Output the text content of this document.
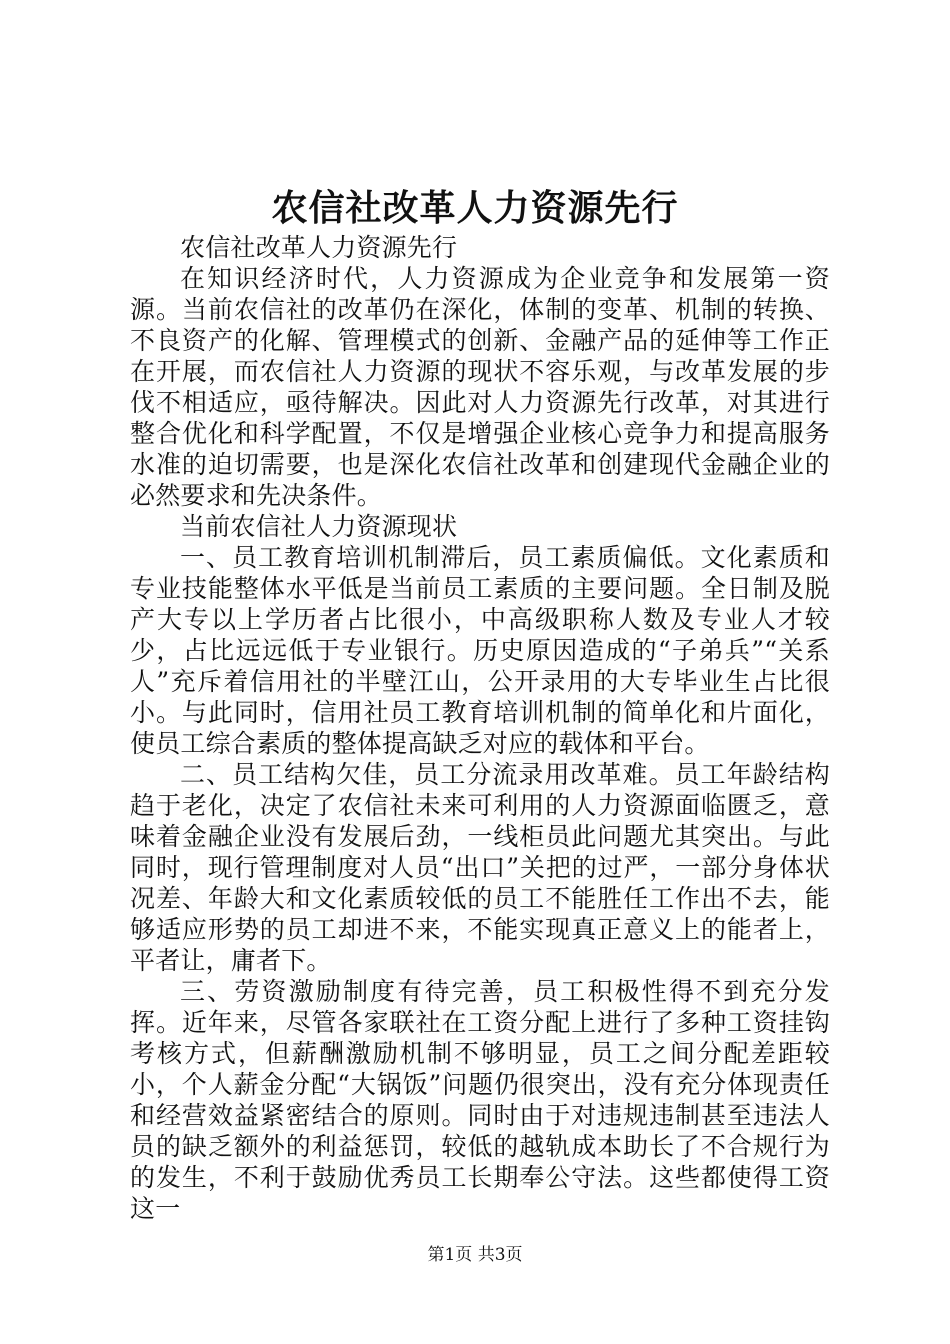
农信社改革人力资源先行

农信社改革人力资源先行

在知识经济时代，人力资源成为企业竞争和发展第一资源。当前农信社的改革仍在深化，体制的变革、机制的转换、不良资产的化解、管理模式的创新、金融产品的延伸等工作正在开展，而农信社人力资源的现状不容乐观，与改革发展的步伐不相适应，亟待解决。因此对人力资源先行改革，对其进行整合优化和科学配置，不仅是增强企业核心竞争力和提高服务水准的迫切需要，也是深化农信社改革和创建现代金融企业的必然要求和先决条件。

当前农信社人力资源现状

一、员工教育培训机制滞后，员工素质偏低。文化素质和专业技能整体水平低是当前员工素质的主要问题。全日制及脱产大专以上学历者占比很小，中高级职称人数及专业人才较少，占比远远低于专业银行。历史原因造成的“子弟兵”“关系人”充斥着信用社的半壁江山，公开录用的大专毕业生占比很小。与此同时，信用社员工教育培训机制的简单化和片面化，使员工综合素质的整体提高缺乏对应的载体和平台。

二、员工结构欠佳，员工分流录用改革难。员工年龄结构趋于老化，决定了农信社未来可利用的人力资源面临匮乏，意味着金融企业没有发展后劲，一线柜员此问题尤其突出。与此同时，现行管理制度对人员“出口”关把的过严，一部分身体状况差、年龄大和文化素质较低的员工不能胜任工作出不去，能够适应形势的员工却进不来，不能实现真正意义上的能者上，平者让，庸者下。

三、劳资激励制度有待完善，员工积极性得不到充分发挥。近年来，尽管各家联社在工资分配上进行了多种工资挂钩考核方式，但薪酬激励机制不够明显，员工之间分配差距较小，个人薪金分配“大锅饭”问题仍很突出，没有充分体现责任和经营效益紧密结合的原则。同时由于对违规违制甚至违法人员的缺乏额外的利益惩罚，较低的越轨成本助长了不合规行为的发生，不利于鼓励优秀员工长期奉公守法。这些都使得工资这一

第1页 共3页
